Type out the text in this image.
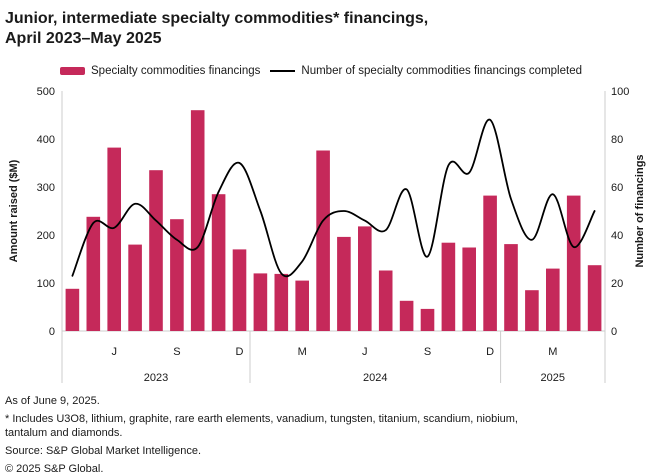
Junior, intermediate specialty commodities* financings,
April 2023–May 2025
Specialty commodities financings	Number of specialty commodities financings completed
0
100
200
300
400
500
0
20
40
60
80
100
J	S	D	M	J	S	D	M
2023	2024	2025
Amount raised ($M)	Number of financings

As of June 9, 2025.

* Includes U3O8, lithium, graphite, rare earth elements, vanadium, tungsten, titanium, scandium, niobium, tantalum and diamonds.

Source: S&P Global Market Intelligence.

© 2025 S&P Global.
